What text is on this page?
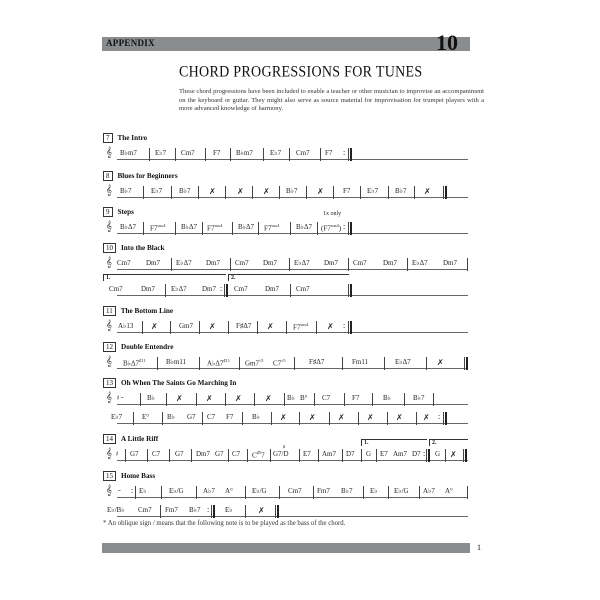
APPENDIX	10
CHORD PROGRESSIONS FOR TUNES
These chord progressions have been included to enable a teacher or other musician to improvise an accompaniment on the keyboard or guitar. They might also serve as source material for improvisation for trumpet players with a more advanced knowledge of harmony.
7 The Intro
𝄞 B♭m7	E♭7 Cm7	F7 B♭m7 E♭7 Cm7 F7 :
8 Blues for Beginners
𝄞 B♭7	E♭7 B♭7 ✗	✗ ✗ B♭7 ✗	F7 E♭7 B♭7 ✗
9 Steps	1x only
𝄞 B♭Δ7 $F7^{sus4}$ B♭Δ7 $F7^{sus4}$ B♭Δ7 $F7^{sus4}$ B♭Δ7 $(F7^{sus4})$ :
10 Into the Black
𝄞 Cm7 Dm7 E♭Δ7 Dm7 Cm7 Dm7 E♭Δ7 Dm7 Cm7 Dm7 E♭Δ7 Dm7
1.	2.
Cm7	Dm7 E♭Δ7 Dm7 : Cm7 Dm7 Cm7
11 The Bottom Line
𝄞 A♭13 ✗	Gm7 ✗	F♯Δ7 ✗	$F7^{sus4}$ ✗ :
12 Double Entendre
𝄞 $B♭\Delta 7^{♯11}$	B♭m11	$A♭\Delta 7^{♯11}$ $Gm7^{♭5}$ $C7^{♭5}$	F♯Δ7	Fm11	E♭Δ7	✗
13 Oh When The Saints Go Marching In
𝄞 𝄽 𝄼	B♭	✗	✗	✗	✗ B♭ B° C7	F7	B♭	B♭7
E♭7	E°	B♭ G7 C7 F7	B♭	✗	✗	✗	✗	✗	✗ :
14 A Little Riff	1.	2.
𝄞 𝄽 G7 C7 G7 Dm7 G7 C7 $C^{♯5}7$ G7/D
♯
E7 Am7 D7 G E7 Am7 D7 : G ✗
15 Home Bass
𝄞 𝄼 : E♭	E♭/G	A♭7 A°	E♭/G	Cm7 Fm7 B♭7	E♭ E♭/G A♭7 A°
E♭/B♭ Cm7 Fm7 B♭7 : E♭	✗
* An oblique sign / means that the following note is to be played as the bass of the chord.
1
